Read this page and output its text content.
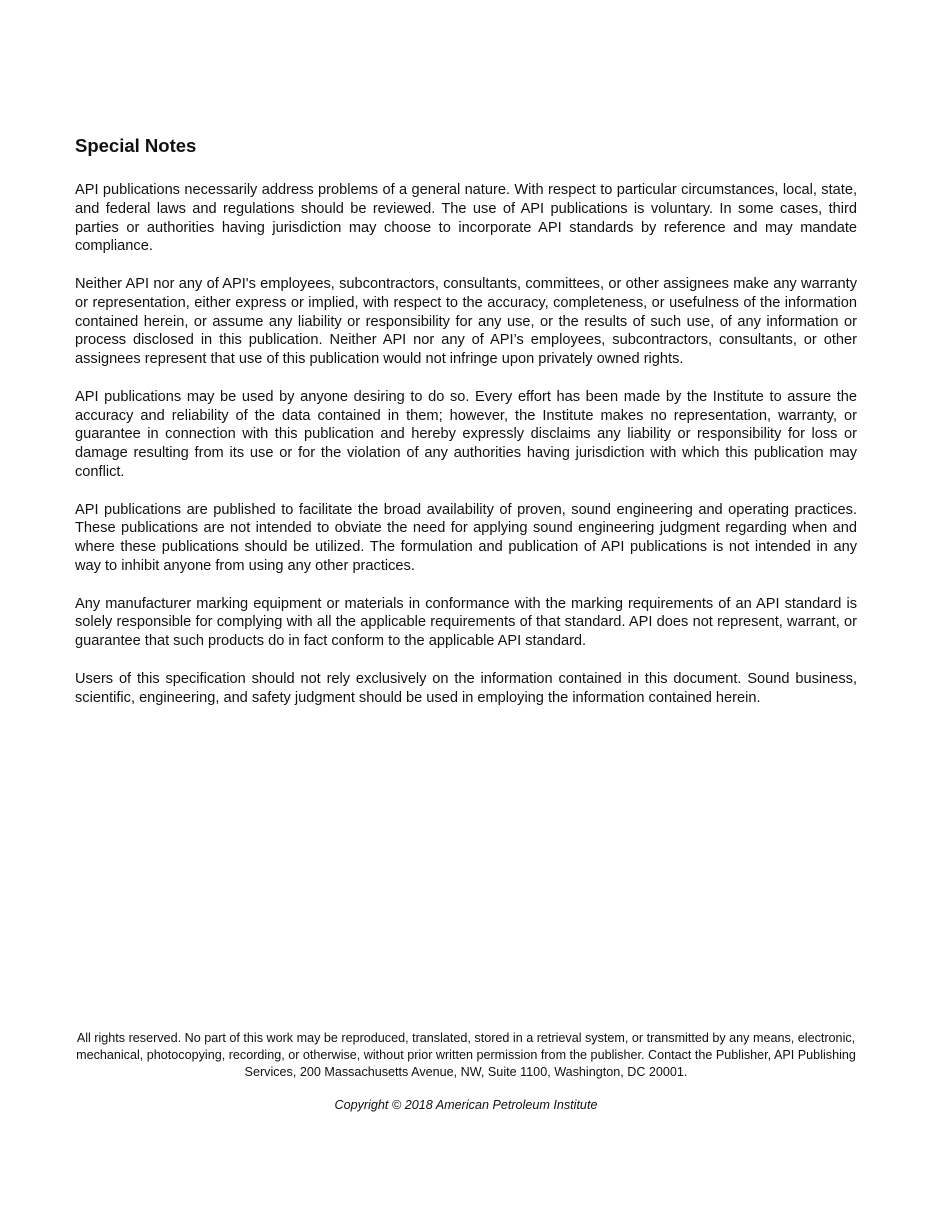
Special Notes

API publications necessarily address problems of a general nature. With respect to particular circumstances, local, state, and federal laws and regulations should be reviewed. The use of API publications is voluntary. In some cases, third parties or authorities having jurisdiction may choose to incorporate API standards by reference and may mandate compliance.

Neither API nor any of API's employees, subcontractors, consultants, committees, or other assignees make any warranty or representation, either express or implied, with respect to the accuracy, completeness, or usefulness of the information contained herein, or assume any liability or responsibility for any use, or the results of such use, of any information or process disclosed in this publication. Neither API nor any of API’s employees, subcontractors, consultants, or other assignees represent that use of this publication would not infringe upon privately owned rights.

API publications may be used by anyone desiring to do so. Every effort has been made by the Institute to assure the accuracy and reliability of the data contained in them; however, the Institute makes no representation, warranty, or guarantee in connection with this publication and hereby expressly disclaims any liability or responsibility for loss or damage resulting from its use or for the violation of any authorities having jurisdiction with which this publication may conflict.

API publications are published to facilitate the broad availability of proven, sound engineering and operating practices. These publications are not intended to obviate the need for applying sound engineering judgment regarding when and where these publications should be utilized. The formulation and publication of API publications is not intended in any way to inhibit anyone from using any other practices.

Any manufacturer marking equipment or materials in conformance with the marking requirements of an API standard is solely responsible for complying with all the applicable requirements of that standard. API does not represent, warrant, or guarantee that such products do in fact conform to the applicable API standard.

Users of this specification should not rely exclusively on the information contained in this document. Sound business, scientific, engineering, and safety judgment should be used in employing the information contained herein.

All rights reserved. No part of this work may be reproduced, translated, stored in a retrieval system, or transmitted by any means, electronic, mechanical, photocopying, recording, or otherwise, without prior written permission from the publisher. Contact the Publisher, API Publishing Services, 200 Massachusetts Avenue, NW, Suite 1100, Washington, DC 20001.

Copyright © 2018 American Petroleum Institute
